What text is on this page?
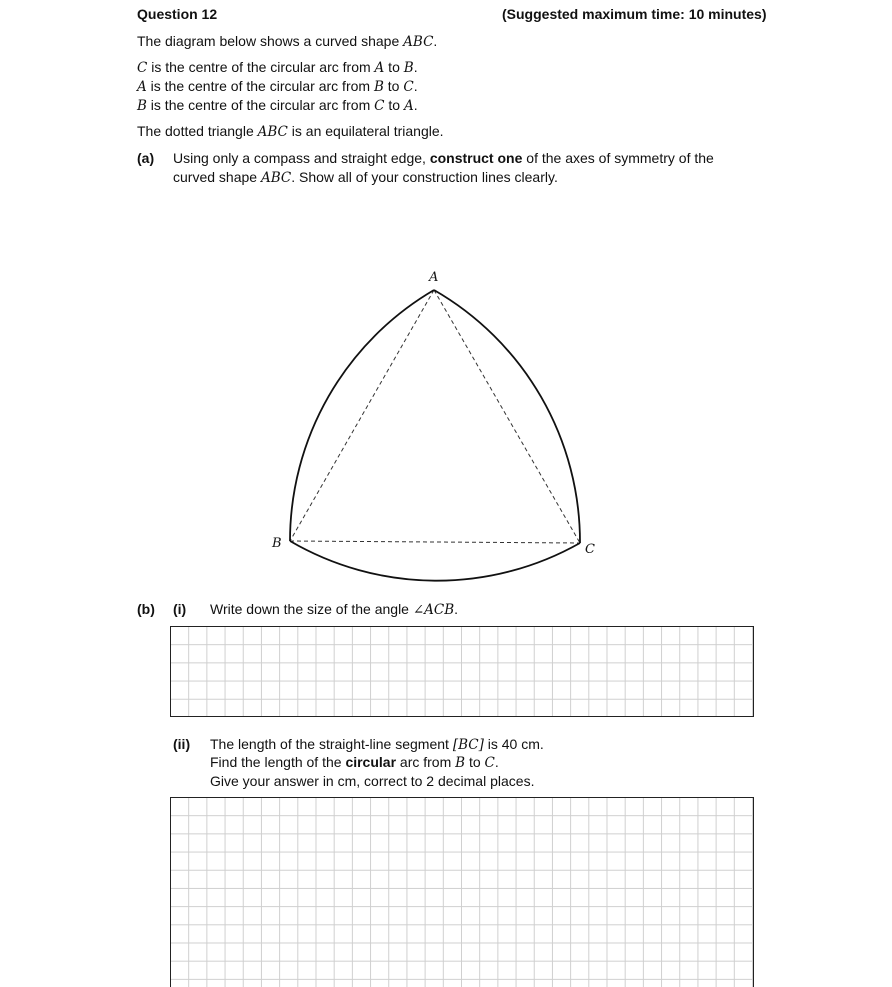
Question 12	(Suggested maximum time: 10 minutes)
The diagram below shows a curved shape ABC.
C is the centre of the circular arc from A to B.
A is the centre of the circular arc from B to C.
B is the centre of the circular arc from C to A.
The dotted triangle ABC is an equilateral triangle.
(a) Using only a compass and straight edge, construct one of the axes of symmetry of the
curved shape ABC. Show all of your construction lines clearly.
A
B	C
(b) (i) Write down the size of the angle ∠ACB.
(ii) The length of the straight-line segment [BC] is 40 cm.
Find the length of the circular arc from B to C.
Give your answer in cm, correct to 2 decimal places.
